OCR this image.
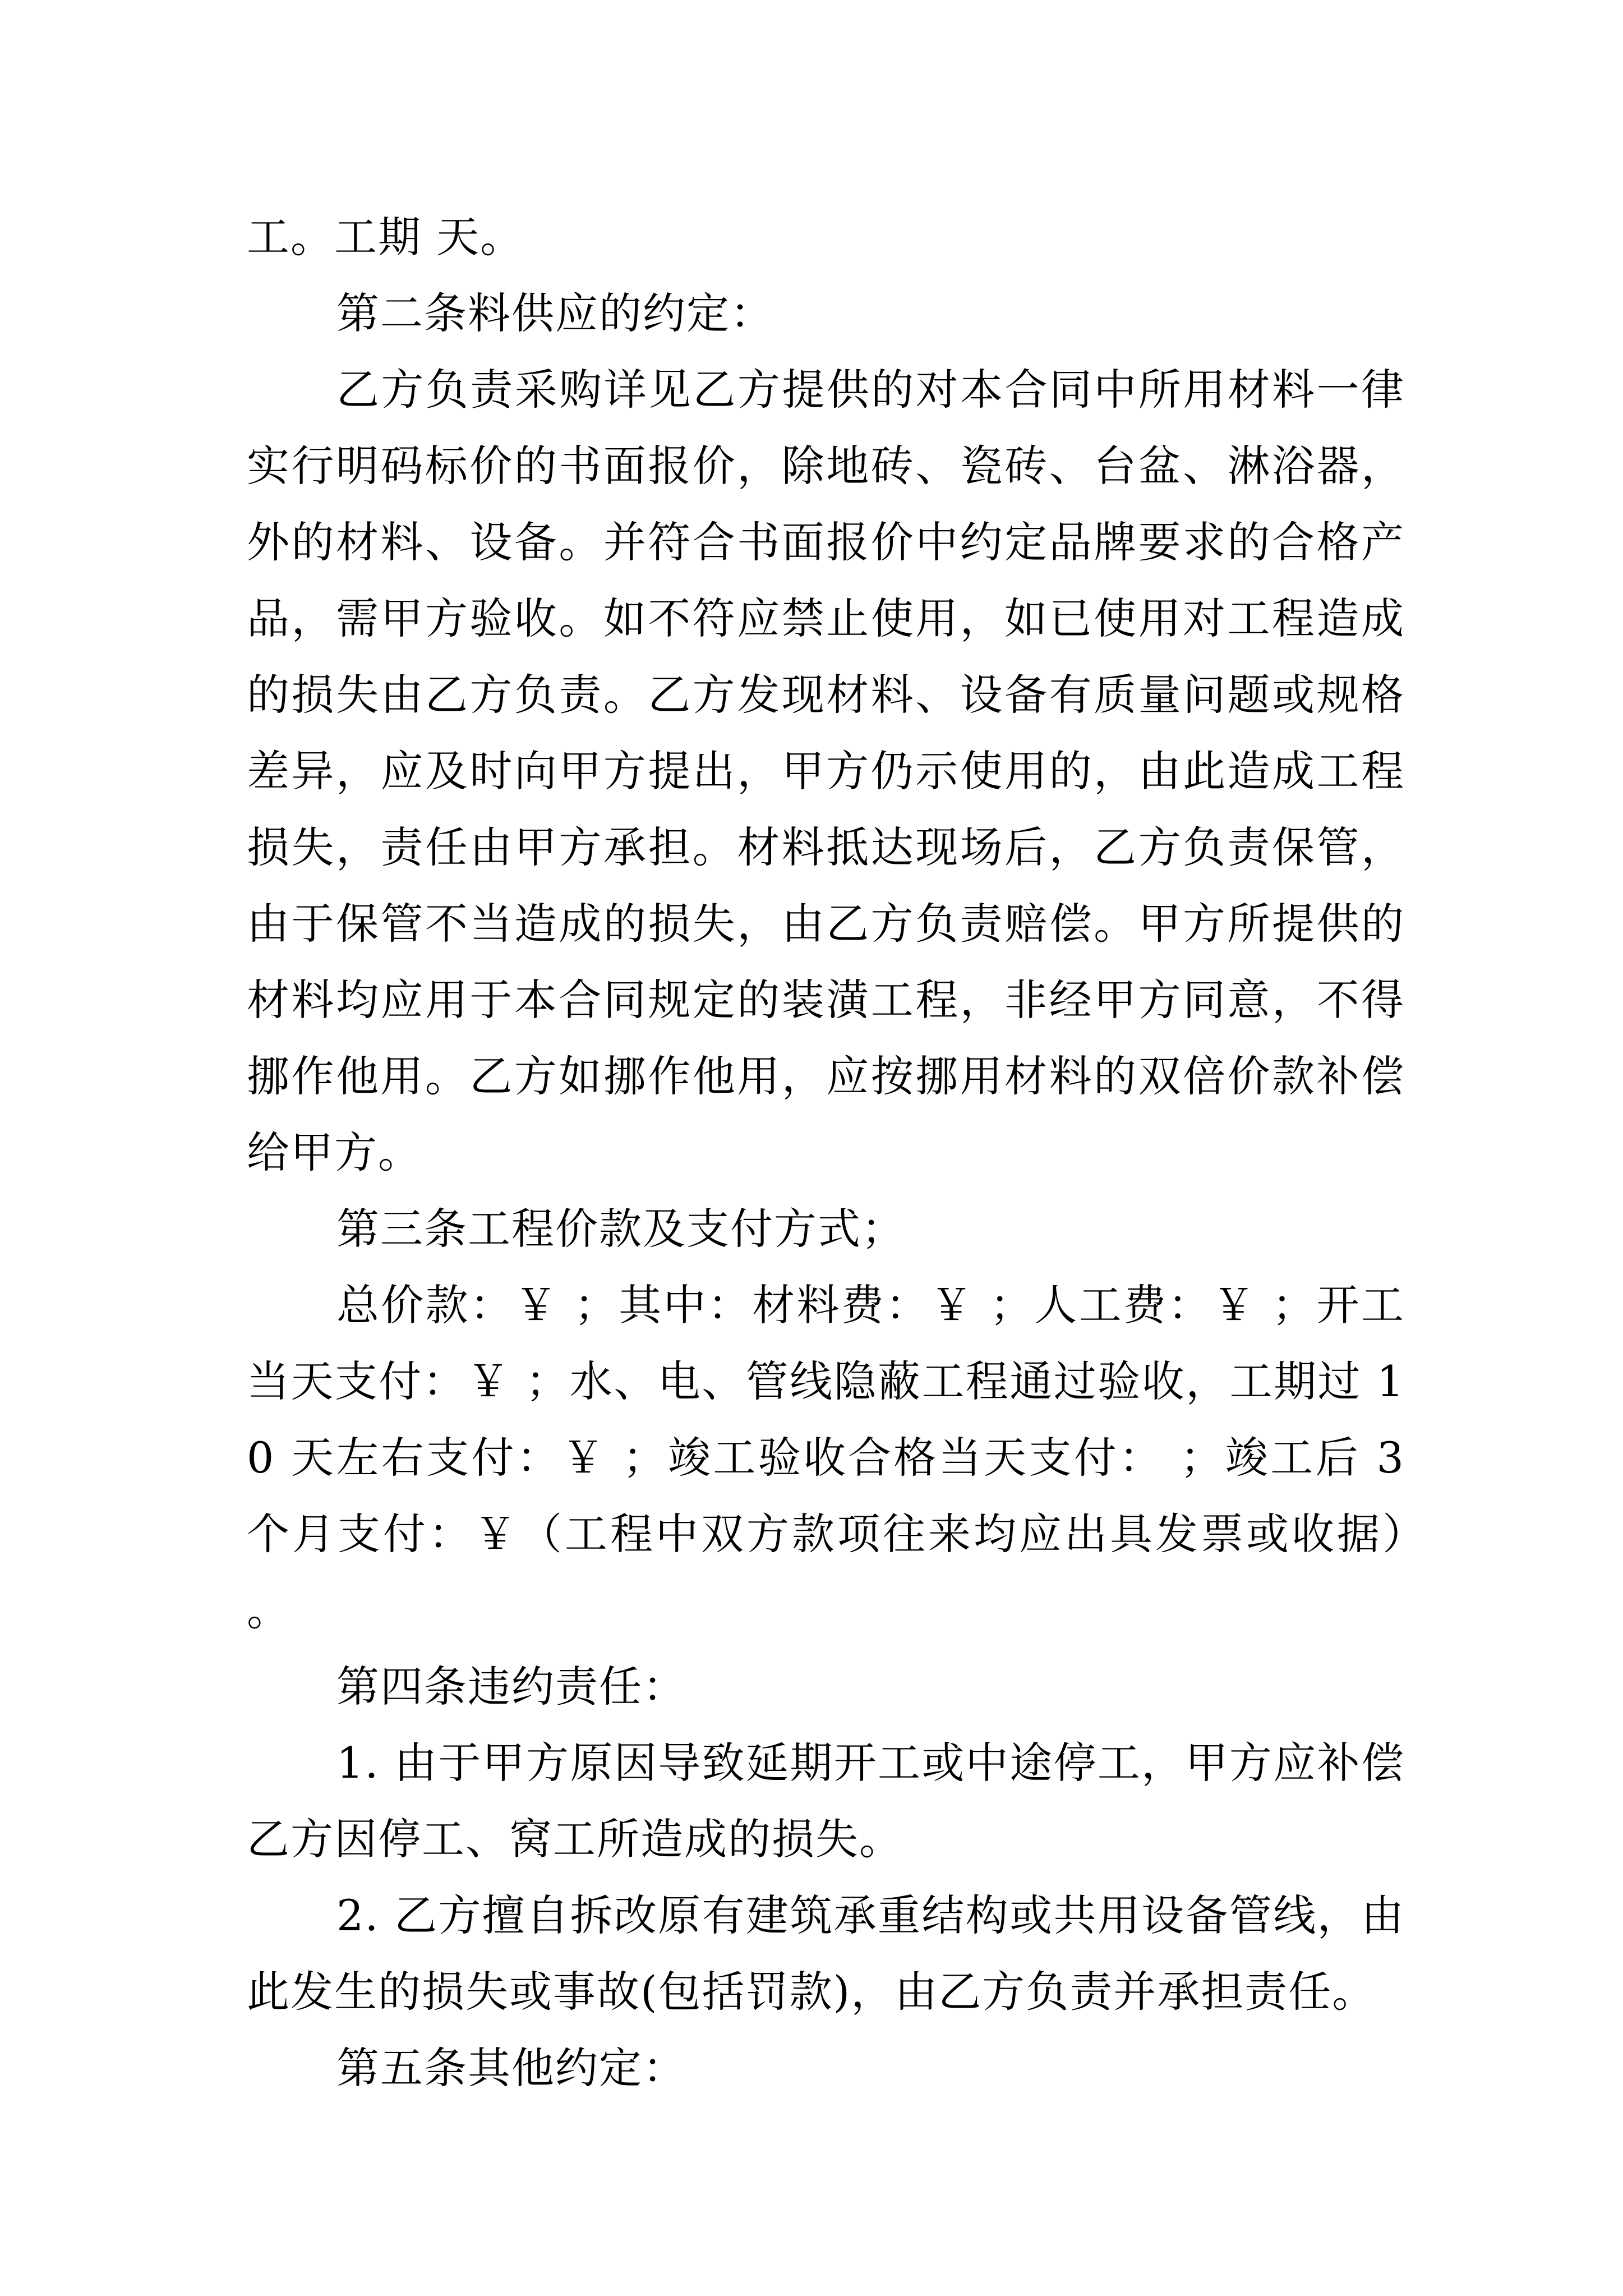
工。工期 天。

第二条料供应的约定：

乙方负责采购详见乙方提供的对本合同中所用材料一律实行明码标价的书面报价，除地砖、瓷砖、台盆、淋浴器，外的材料、设备。并符合书面报价中约定品牌要求的合格产品，需甲方验收。如不符应禁止使用，如已使用对工程造成的损失由乙方负责。乙方发现材料、设备有质量问题或规格差异，应及时向甲方提出，甲方仍示使用的，由此造成工程损失，责任由甲方承担。材料抵达现场后，乙方负责保管，由于保管不当造成的损失，由乙方负责赔偿。甲方所提供的材料均应用于本合同规定的装潢工程，非经甲方同意，不得挪作他用。乙方如挪作他用，应按挪用材料的双倍价款补偿给甲方。

第三条工程价款及支付方式；

总价款：￥ ；其中：材料费：￥ ；人工费：￥ ；开工当天支付：￥ ；水、电、管线隐蔽工程通过验收，工期过 10 天左右支付：￥ ；竣工验收合格当天支付： ；竣工后 3 个月支付：￥（工程中双方款项往来均应出具发票或收据）。

第四条违约责任：

1. 由于甲方原因导致延期开工或中途停工，甲方应补偿乙方因停工、窝工所造成的损失。

2. 乙方擅自拆改原有建筑承重结构或共用设备管线，由此发生的损失或事故(包括罚款)，由乙方负责并承担责任。

第五条其他约定：
